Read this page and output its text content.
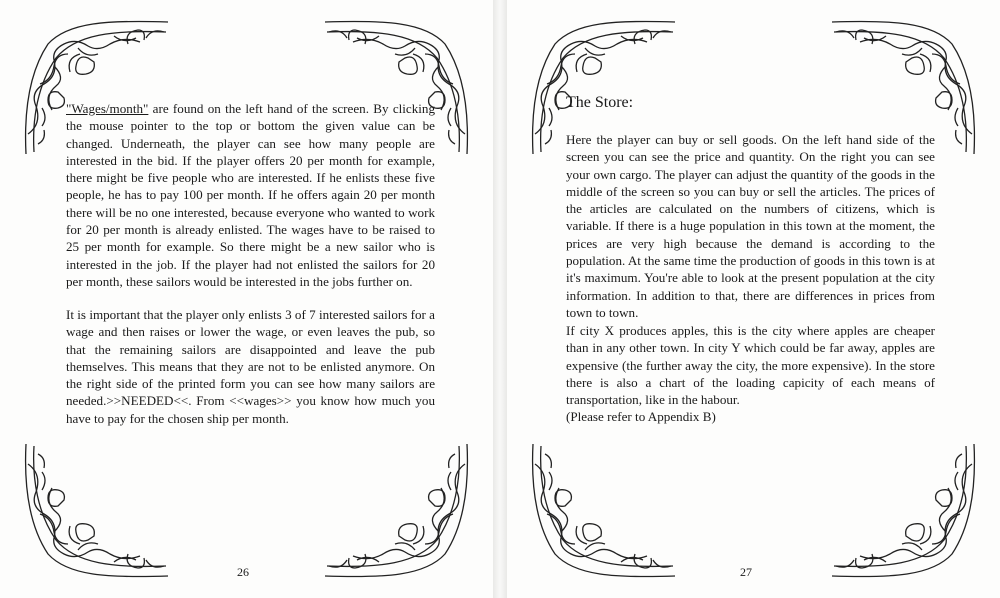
"Wages/month" are found on the left hand of the screen. By clicking the mouse pointer to the top or bottom the given value can be changed. Underneath, the player can see how many people are interested in the bid. If the player offers 20 per month for example, there might be five people who are interested. If he enlists these five people, he has to pay 100 per month. If he offers again 20 per month there will be no one interested, because everyone who wanted to work for 20 per month is already enlisted. The wages have to be raised to 25 per month for example. So there might be a new sailor who is interested in the job. If the player had not enlisted the sailors for 20 per month, these sailors would be interested in the jobs further on.

It is important that the player only enlists 3 of 7 interested sailors for a wage and then raises or lower the wage, or even leaves the pub, so that the remaining sailors are disappointed and leave the pub themselves. This means that they are not to be enlisted anymore. On the right side of the printed form you can see how many sailors are needed.>>NEEDED<<. From <<wages>> you know how much you have to pay for the chosen ship per month.

26
The Store:

Here the player can buy or sell goods. On the left hand side of the screen you can see the price and quantity. On the right you can see your own cargo. The player can adjust the quantity of the goods in the middle of the screen so you can buy or sell the articles. The prices of the articles are calculated on the numbers of citizens, which is variable. If there is a huge population in this town at the moment, the prices are very high because the demand is according to the population. At the same time the production of goods in this town is at it's maximum. You're able to look at the present population at the city information. In addition to that, there are differences in prices from town to town.

If city X produces apples, this is the city where apples are cheaper than in any other town. In city Y which could be far away, apples are expensive (the further away the city, the more expensive). In the store there is also a chart of the loading capicity of each means of transportation, like in the habour.

(Please refer to Appendix B)

27
